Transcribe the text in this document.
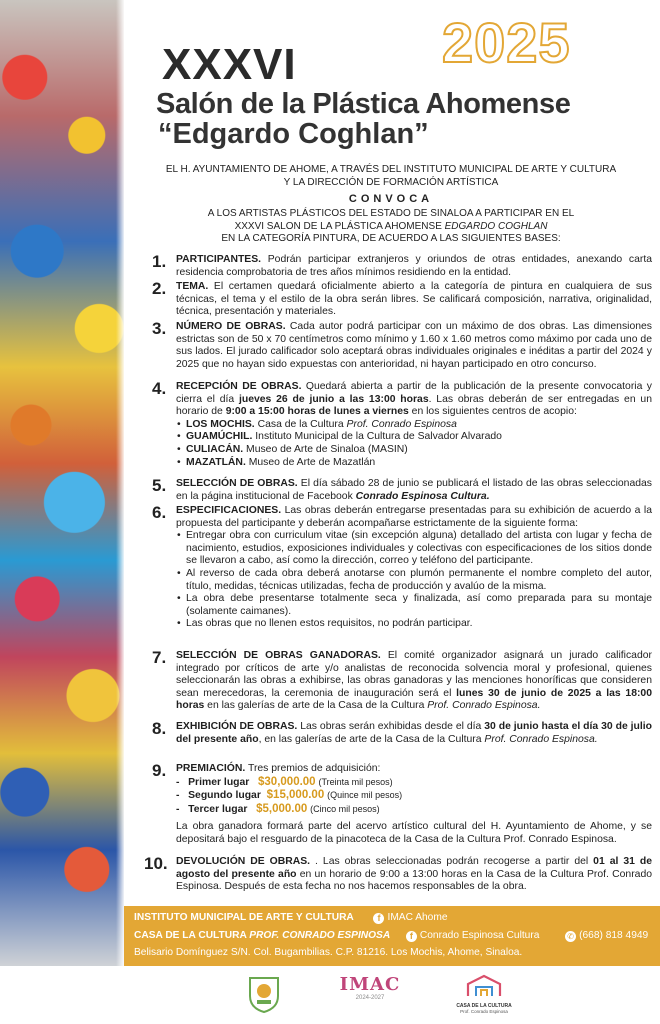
2025
XXXVI
Salón de la Plástica Ahomense
“Edgardo Coghlan”
EL H. AYUNTAMIENTO DE AHOME, A TRAVÉS DEL INSTITUTO MUNICIPAL DE ARTE Y CULTURA
Y LA DIRECCIÓN DE FORMACIÓN ARTÍSTICA
CONVOCA
A LOS ARTISTAS PLÁSTICOS DEL ESTADO DE SINALOA A PARTICIPAR EN EL
XXXVI SALON DE LA PLÁSTICA AHOMENSE EDGARDO COGHLAN
EN LA CATEGORÍA PINTURA, DE ACUERDO A LAS SIGUIENTES BASES:
1. PARTICIPANTES. Podrán participar extranjeros y oriundos de otras entidades, anexando carta residencia comprobatoria de tres años mínimos residiendo en la entidad.
2. TEMA. El certamen quedará oficialmente abierto a la categoría de pintura en cualquiera de sus técnicas, el tema y el estilo de la obra serán libres. Se calificará composición, narrativa, originalidad, técnica, presentación y materiales.
3. NÚMERO DE OBRAS. Cada autor podrá participar con un máximo de dos obras. Las dimensiones estrictas son de 50 x 70 centímetros como mínimo y 1.60 x 1.60 metros como máximo por cada uno de sus lados. El jurado calificador solo aceptará obras individuales originales e inéditas a partir del 2024 y 2025 que no hayan sido expuestas con anterioridad, ni hayan participado en otro concurso.
4. RECEPCIÓN DE OBRAS. Quedará abierta a partir de la publicación de la presente convocatoria y cierra el día jueves 26 de junio a las 13:00 horas. Las obras deberán de ser entregadas en un horario de 9:00 a 15:00 horas de lunes a viernes en los siguientes centros de acopio:
• LOS MOCHIS. Casa de la Cultura Prof. Conrado Espinosa
• GUAMÚCHIL. Instituto Municipal de la Cultura de Salvador Alvarado
• CULIACÁN. Museo de Arte de Sinaloa (MASIN)
• MAZATLÁN. Museo de Arte de Mazatlán
5. SELECCIÓN DE OBRAS. El día sábado 28 de junio se publicará el listado de las obras seleccionadas en la página institucional de Facebook Conrado Espinosa Cultura.
6. ESPECIFICACIONES. Las obras deberán entregarse presentadas para su exhibición de acuerdo a la propuesta del participante y deberán acompañarse estrictamente de la siguiente forma:
• Entregar obra con curriculum vitae (sin excepción alguna) detallado del artista con lugar y fecha de nacimiento, estudios, exposiciones individuales y colectivas con especificaciones de los sitios donde se llevaron a cabo, así como la dirección, correo y teléfono del participante.
• Al reverso de cada obra deberá anotarse con plumón permanente el nombre completo del autor, título, medidas, técnicas utilizadas, fecha de producción y avalúo de la misma.
• La obra debe presentarse totalmente seca y finalizada, así como preparada para su montaje (solamente caimanes).
• Las obras que no llenen estos requisitos, no podrán participar.
7. SELECCIÓN DE OBRAS GANADORAS. El comité organizador asignará un jurado calificador integrado por críticos de arte y/o analistas de reconocida solvencia moral y profesional, quienes seleccionarán las obras a exhibirse, las obras ganadoras y las menciones honoríficas que consideren sean merecedoras, la ceremonia de inauguración será el lunes 30 de junio de 2025 a las 18:00 horas en las galerías de arte de la Casa de la Cultura Prof. Conrado Espinosa.
8. EXHIBICIÓN DE OBRAS. Las obras serán exhibidas desde el día 30 de junio hasta el día 30 de julio del presente año, en las galerías de arte de la Casa de la Cultura Prof. Conrado Espinosa.
9. PREMIACIÓN. Tres premios de adquisición:
-   Primer lugar $30,000.00 (Treinta mil pesos)
-   Segundo lugar $15,000.00 (Quince mil pesos)
-   Tercer lugar $5,000.00 (Cinco mil pesos)
La obra ganadora formará parte del acervo artístico cultural del H. Ayuntamiento de Ahome, y se depositará bajo el resguardo de la pinacoteca de la Casa de la Cultura Prof. Conrado Espinosa.
10. DEVOLUCIÓN DE OBRAS. . Las obras seleccionadas podrán recogerse a partir del 01 al 31 de agosto del presente año en un horario de 9:00 a 13:00 horas en la Casa de la Cultura Prof. Conrado Espinosa. Después de esta fecha no nos hacemos responsables de la obra.
INSTITUTO MUNICIPAL DE ARTE Y CULTURA	f IMAC Ahome
CASA DE LA CULTURA PROF. CONRADO ESPINOSA f Conrado Espinosa Cultura	✆ (668) 818 4949
Belisario Domínguez S/N. Col. Bugambilias. C.P. 81216. Los Mochis, Ahome, Sinaloa.
IMAC
2024-2027
CASA DE LA CULTURA
Prof. Conrado Espinosa
